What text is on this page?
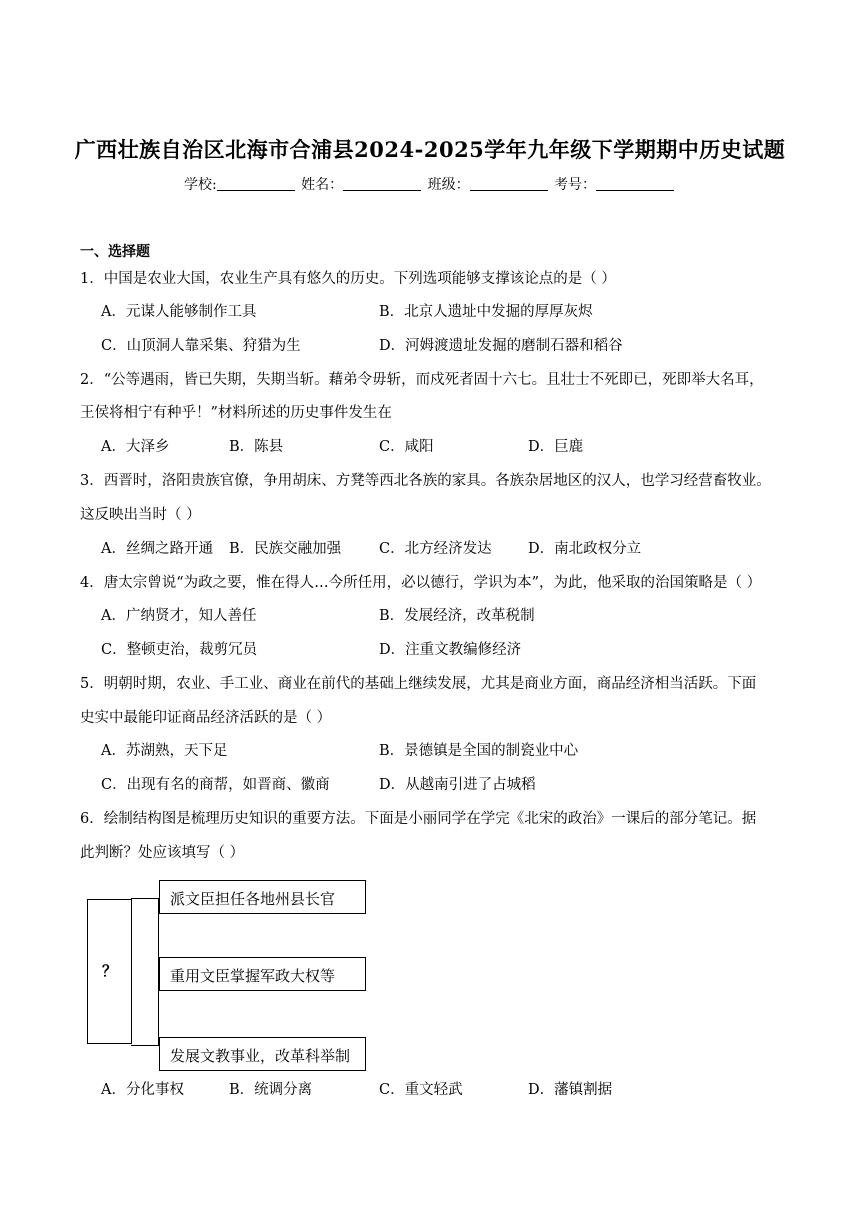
广西壮族自治区北海市合浦县2024-2025学年九年级下学期期中历史试题
学校:	姓名：	班级：	考号：
一、选择题
1．中国是农业大国，农业生产具有悠久的历史。下列选项能够支撑该论点的是（ ）
A．元谋人能够制作工具	B．北京人遗址中发掘的厚厚灰烬
C．山顶洞人靠采集、狩猎为生	D．河姆渡遗址发掘的磨制石器和稻谷
2．“公等遇雨，皆已失期，失期当斩。藉弟令毋斩，而戍死者固十六七。且壮士不死即已，死即举大名耳，
王侯将相宁有种乎！”材料所述的历史事件发生在
A．大泽乡	B．陈县	C．咸阳	D．巨鹿
3．西晋时，洛阳贵族官僚，争用胡床、方凳等西北各族的家具。各族杂居地区的汉人，也学习经营畜牧业。
这反映出当时（ ）
A．丝绸之路开通 B．民族交融加强	C．北方经济发达	D．南北政权分立
4．唐太宗曾说“为政之要，惟在得人…今所任用，必以德行，学识为本”，为此，他采取的治国策略是（ ）
A．广纳贤才，知人善任	B．发展经济，改革税制
C．整顿吏治，裁剪冗员	D．注重文教编修经济
5．明朝时期，农业、手工业、商业在前代的基础上继续发展，尤其是商业方面，商品经济相当活跃。下面
史实中最能印证商品经济活跃的是（ ）
A．苏湖熟，天下足	B．景德镇是全国的制瓷业中心
C．出现有名的商帮，如晋商、徽商	D．从越南引进了占城稻
6．绘制结构图是梳理历史知识的重要方法。下面是小丽同学在学完《北宋的政治》一课后的部分笔记。据
此判断？处应该填写（ ）
？
派文臣担任各地州县长官
重用文臣掌握军政大权等
发展文教事业，改革科举制
A．分化事权	B．统调分离	C．重文轻武	D．藩镇割据
